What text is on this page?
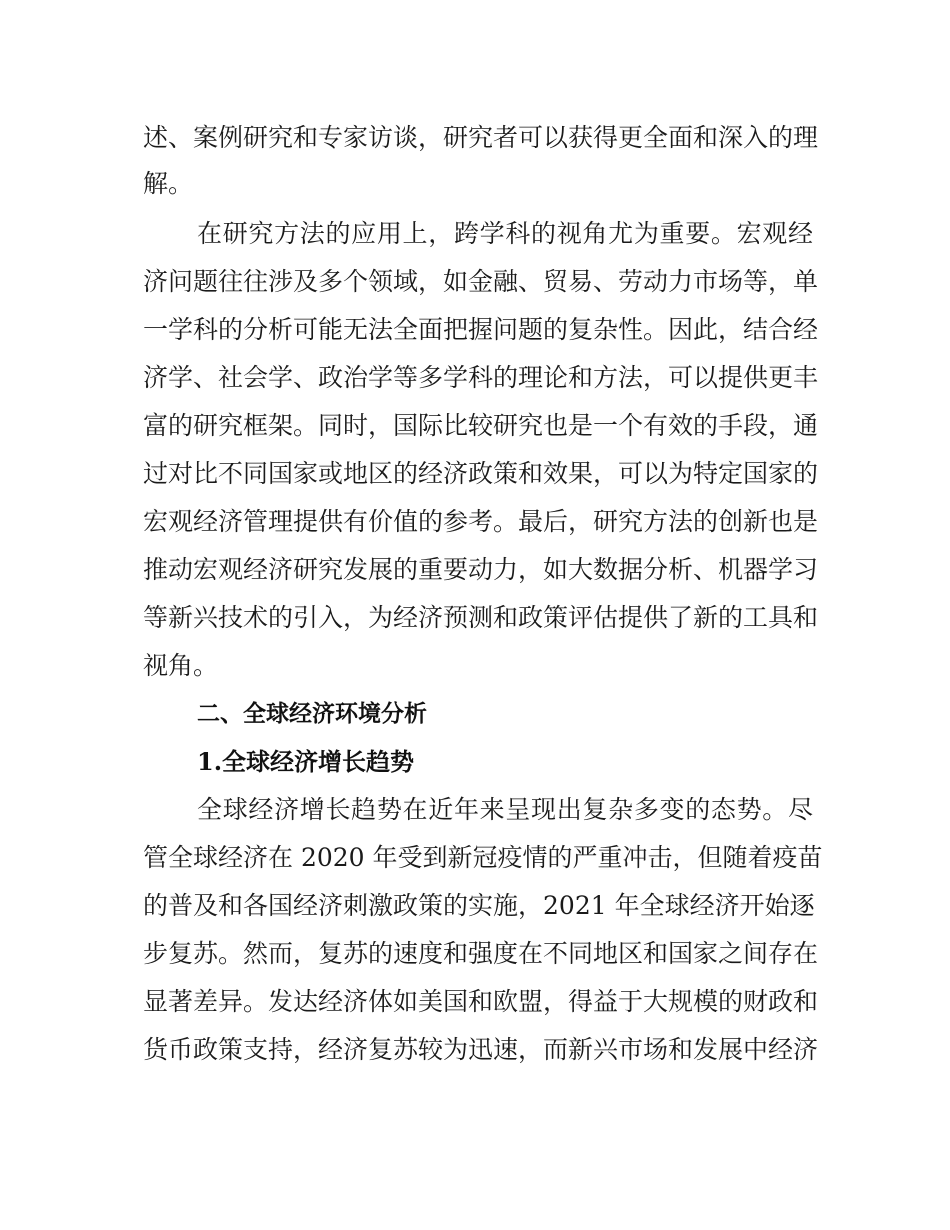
述、案例研究和专家访谈，研究者可以获得更全面和深入的理
解。
在研究方法的应用上，跨学科的视角尤为重要。宏观经
济问题往往涉及多个领域，如金融、贸易、劳动力市场等，单
一学科的分析可能无法全面把握问题的复杂性。因此，结合经
济学、社会学、政治学等多学科的理论和方法，可以提供更丰
富的研究框架。同时，国际比较研究也是一个有效的手段，通
过对比不同国家或地区的经济政策和效果，可以为特定国家的
宏观经济管理提供有价值的参考。最后，研究方法的创新也是
推动宏观经济研究发展的重要动力，如大数据分析、机器学习
等新兴技术的引入，为经济预测和政策评估提供了新的工具和
视角。
二、全球经济环境分析
1.全球经济增长趋势
全球经济增长趋势在近年来呈现出复杂多变的态势。尽
管全球经济在 2020 年受到新冠疫情的严重冲击，但随着疫苗
的普及和各国经济刺激政策的实施，2021 年全球经济开始逐
步复苏。然而，复苏的速度和强度在不同地区和国家之间存在
显著差异。发达经济体如美国和欧盟，得益于大规模的财政和
货币政策支持，经济复苏较为迅速，而新兴市场和发展中经济
